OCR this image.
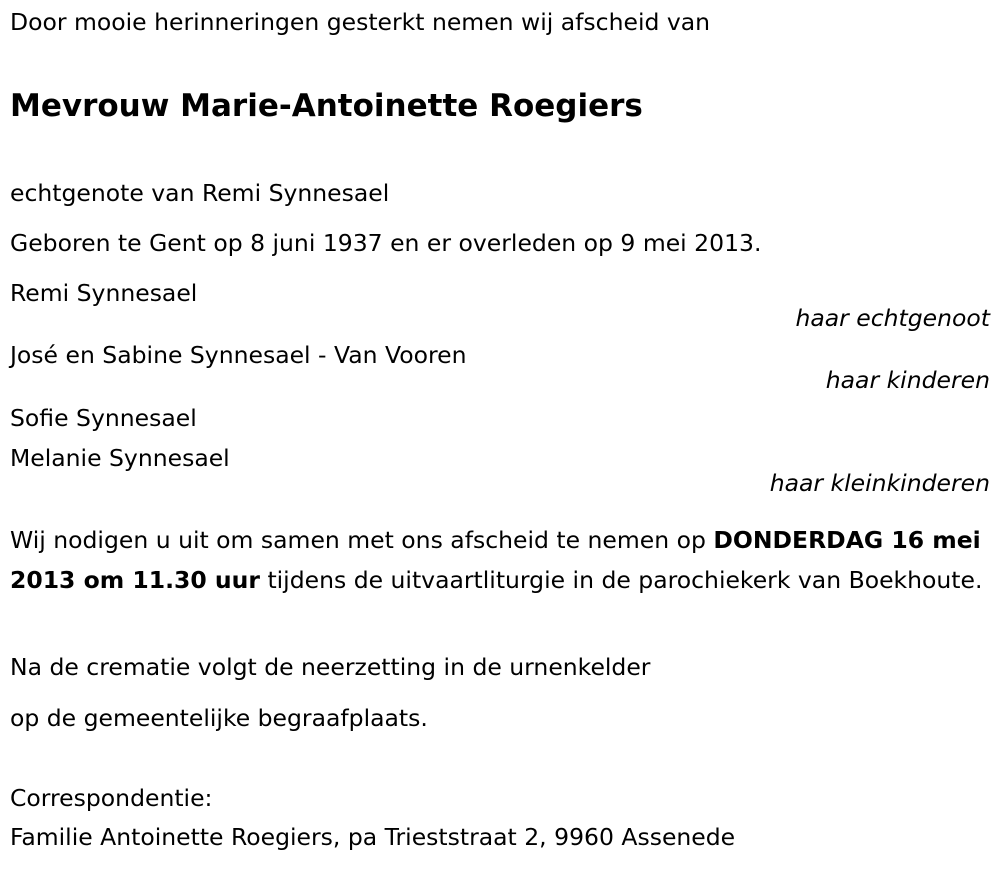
Door mooie herinneringen gesterkt nemen wij afscheid van
Mevrouw Marie-Antoinette Roegiers
echtgenote van Remi Synnesael
Geboren te Gent op 8 juni 1937 en er overleden op 9 mei 2013.
Remi Synnesael
haar echtgenoot
José en Sabine Synnesael - Van Vooren
haar kinderen
Sofie Synnesael
Melanie Synnesael
haar kleinkinderen
Wij nodigen u uit om samen met ons afscheid te nemen op DONDERDAG 16 mei 2013 om 11.30 uur tijdens de uitvaartliturgie in de parochiekerk van Boekhoute.
Na de crematie volgt de neerzetting in de urnenkelder
op de gemeentelijke begraafplaats.
Correspondentie:
Familie Antoinette Roegiers, pa Trieststraat 2, 9960 Assenede
